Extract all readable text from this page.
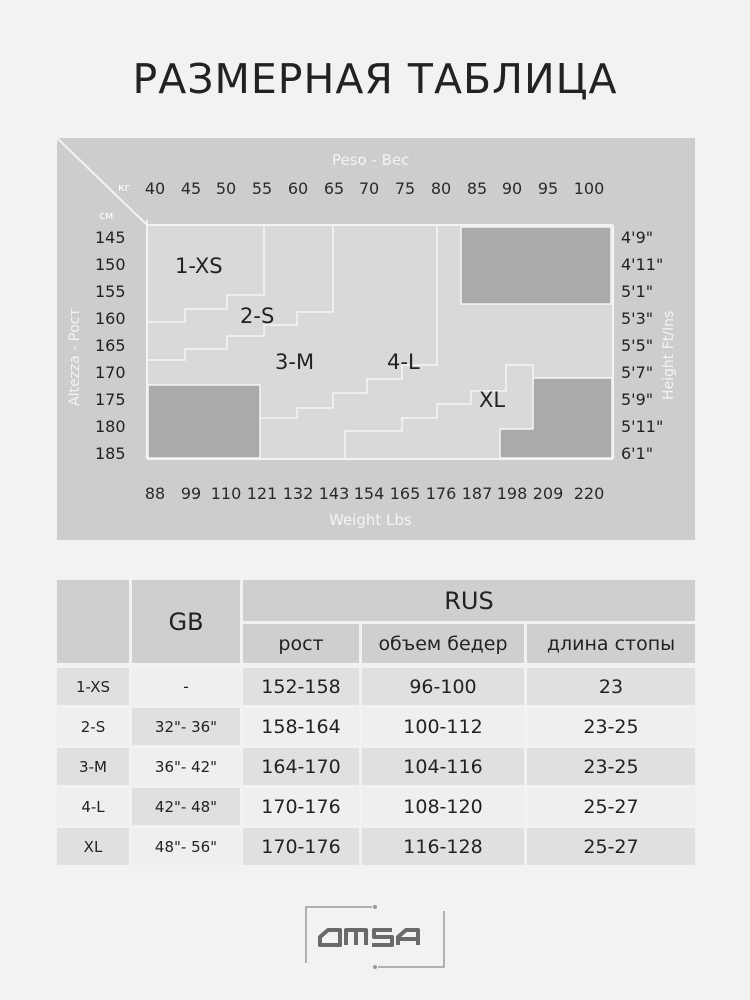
РАЗМЕРНАЯ ТАБЛИЦА
Peso - Вес
кг 40 45 50 55 60 65 70 75 80 85 90 95 100
см
145
150
155
160
165
170
175
180
185
Altezza - Рост
4'9"
4'11"
5'1"
5'3"
5'5"
5'7"
5'9"
5'11"
6'1"
Height Ft/Ins
88 99 110 121 132 143 154 165 176 187 198 209 220
Weight Lbs
1-XS
2-S
3-M	4-L
XL
GB
RUS
рост	объем бедер	длина стопы
1-XS	-	152-158	96-100	23
2-S	32"- 36"	158-164	100-112	23-25
3-M	36"- 42"	164-170	104-116	23-25
4-L	42"- 48"	170-176	108-120	25-27
XL	48"- 56"	170-176	116-128	25-27
